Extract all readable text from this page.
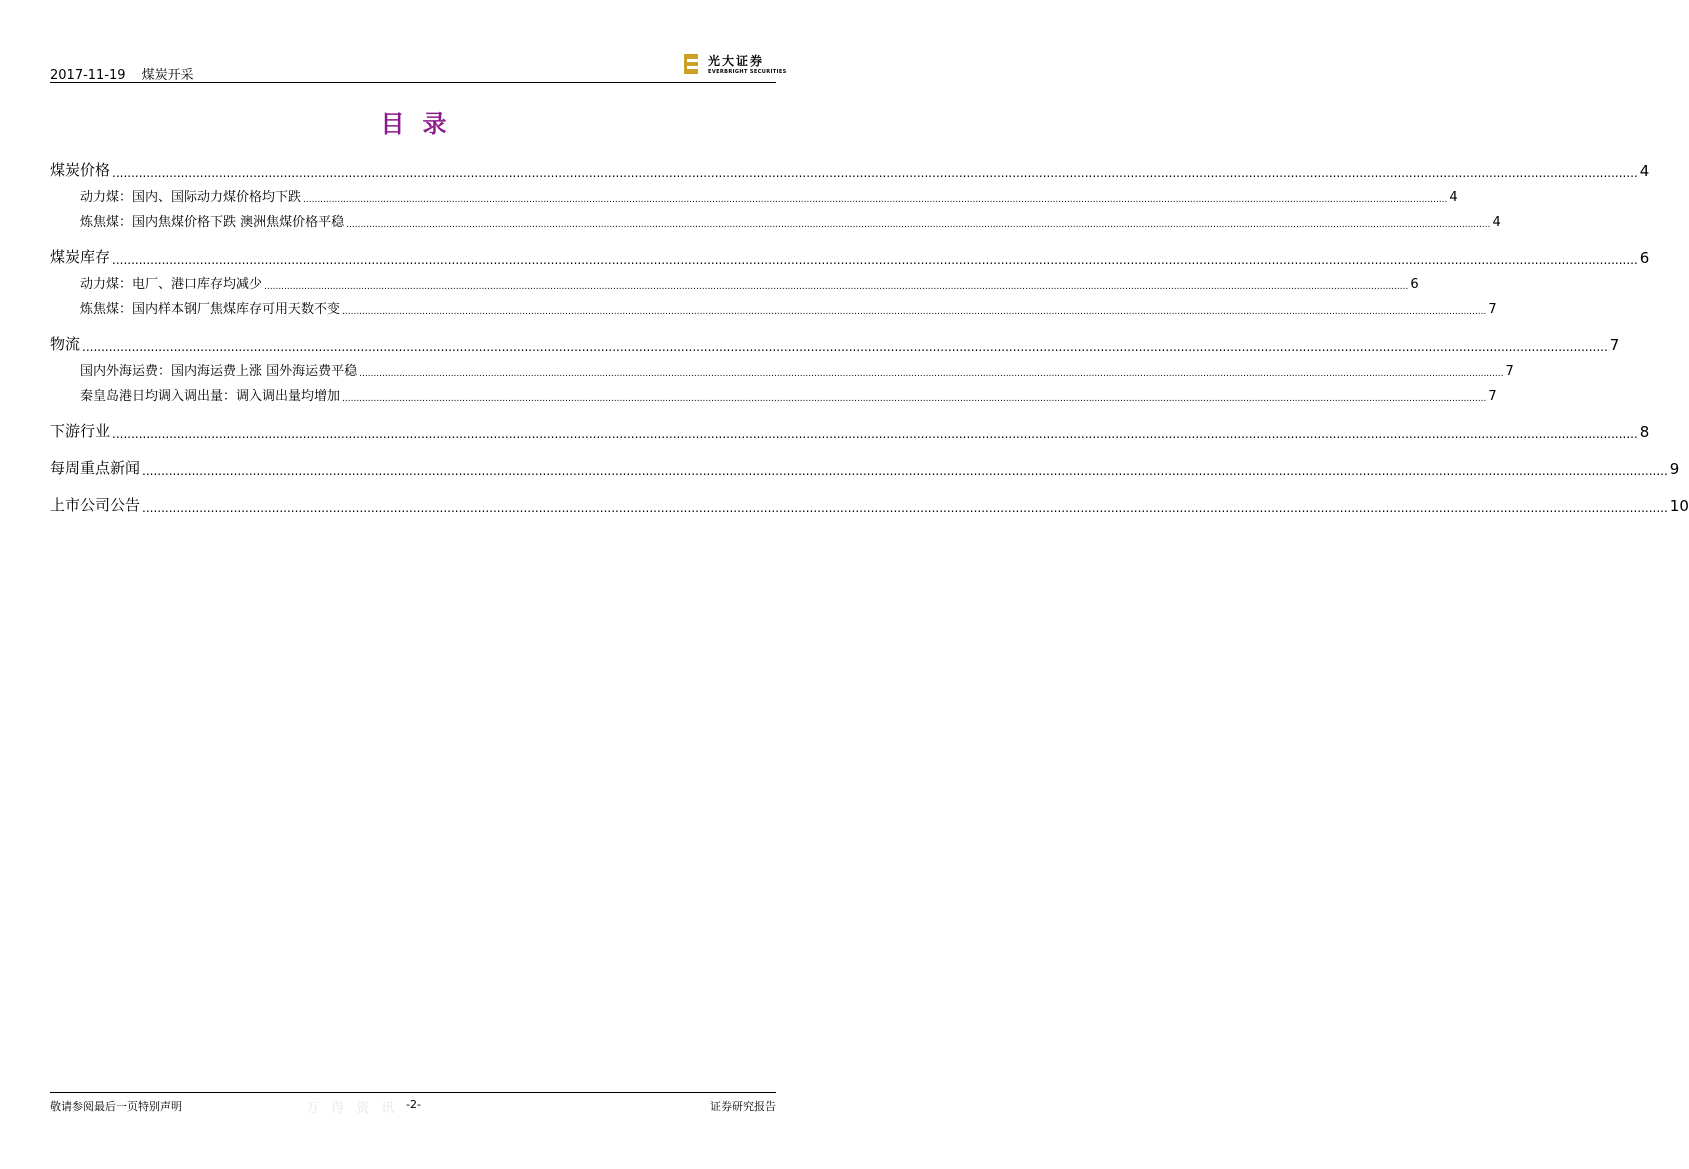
2017-11-19 煤炭开采
光大证券
EVERBRIGHT SECURITIES
目录
煤炭价格 ................................................................................................................................................................................................................................................................................................................................................................................................................ 4
动力煤：国内、国际动力煤价格均下跌 ................................................................................................................................................................................................................................................................................................................................................................................................................ 4
炼焦煤：国内焦煤价格下跌 澳洲焦煤价格平稳 ................................................................................................................................................................................................................................................................................................................................................................................................................ 4
煤炭库存 ................................................................................................................................................................................................................................................................................................................................................................................................................ 6
动力煤：电厂、港口库存均减少 ................................................................................................................................................................................................................................................................................................................................................................................................................ 6
炼焦煤：国内样本钢厂焦煤库存可用天数不变 ................................................................................................................................................................................................................................................................................................................................................................................................................ 7
物流 ................................................................................................................................................................................................................................................................................................................................................................................................................ 7
国内外海运费：国内海运费上涨 国外海运费平稳 ................................................................................................................................................................................................................................................................................................................................................................................................................ 7
秦皇岛港日均调入调出量：调入调出量均增加 ................................................................................................................................................................................................................................................................................................................................................................................................................ 7
下游行业 ................................................................................................................................................................................................................................................................................................................................................................................................................ 8
每周重点新闻 ................................................................................................................................................................................................................................................................................................................................................................................................................ 9
上市公司公告 ................................................................................................................................................................................................................................................................................................................................................................................................................ 10
敬请参阅最后一页特别声明	万 得 资 讯 -2-	证券研究报告
